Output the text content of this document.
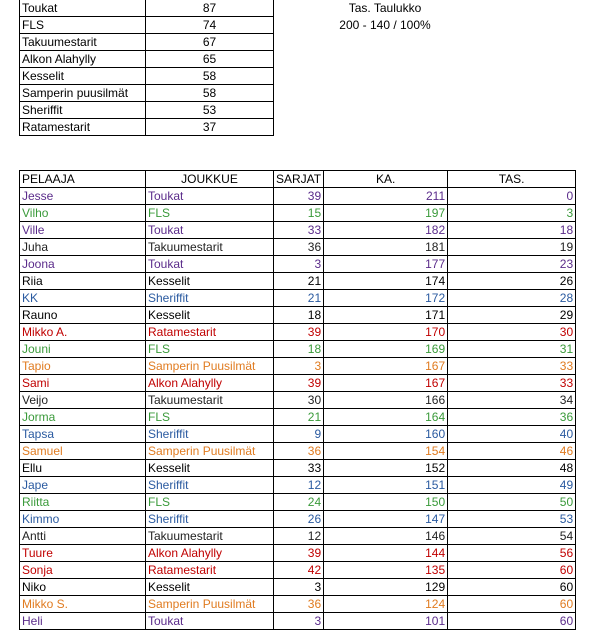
Toukat	87
FLS	74
Takuumestarit	67
Alkon Alahylly	65
Kesselit	58
Samperin puusilmät	58
Sheriffit	53
Ratamestarit	37
Tas. Taulukko
200 - 140 / 100%
PELAAJA	JOUKKUE	SARJAT	KA.	TAS.
Jesse	Toukat	39	211	0
Vilho	FLS	15	197	3
Ville	Toukat	33	182	18
Juha	Takuumestarit	36	181	19
Joona	Toukat	3	177	23
Riia	Kesselit	21	174	26
KK	Sheriffit	21	172	28
Rauno	Kesselit	18	171	29
Mikko A.	Ratamestarit	39	170	30
Jouni	FLS	18	169	31
Tapio	Samperin Puusilmät	3	167	33
Sami	Alkon Alahylly	39	167	33
Veijo	Takuumestarit	30	166	34
Jorma	FLS	21	164	36
Tapsa	Sheriffit	9	160	40
Samuel	Samperin Puusilmät	36	154	46
Ellu	Kesselit	33	152	48
Jape	Sheriffit	12	151	49
Riitta	FLS	24	150	50
Kimmo	Sheriffit	26	147	53
Antti	Takuumestarit	12	146	54
Tuure	Alkon Alahylly	39	144	56
Sonja	Ratamestarit	42	135	60
Niko	Kesselit	3	129	60
Mikko S.	Samperin Puusilmät	36	124	60
Heli	Toukat	3	101	60
